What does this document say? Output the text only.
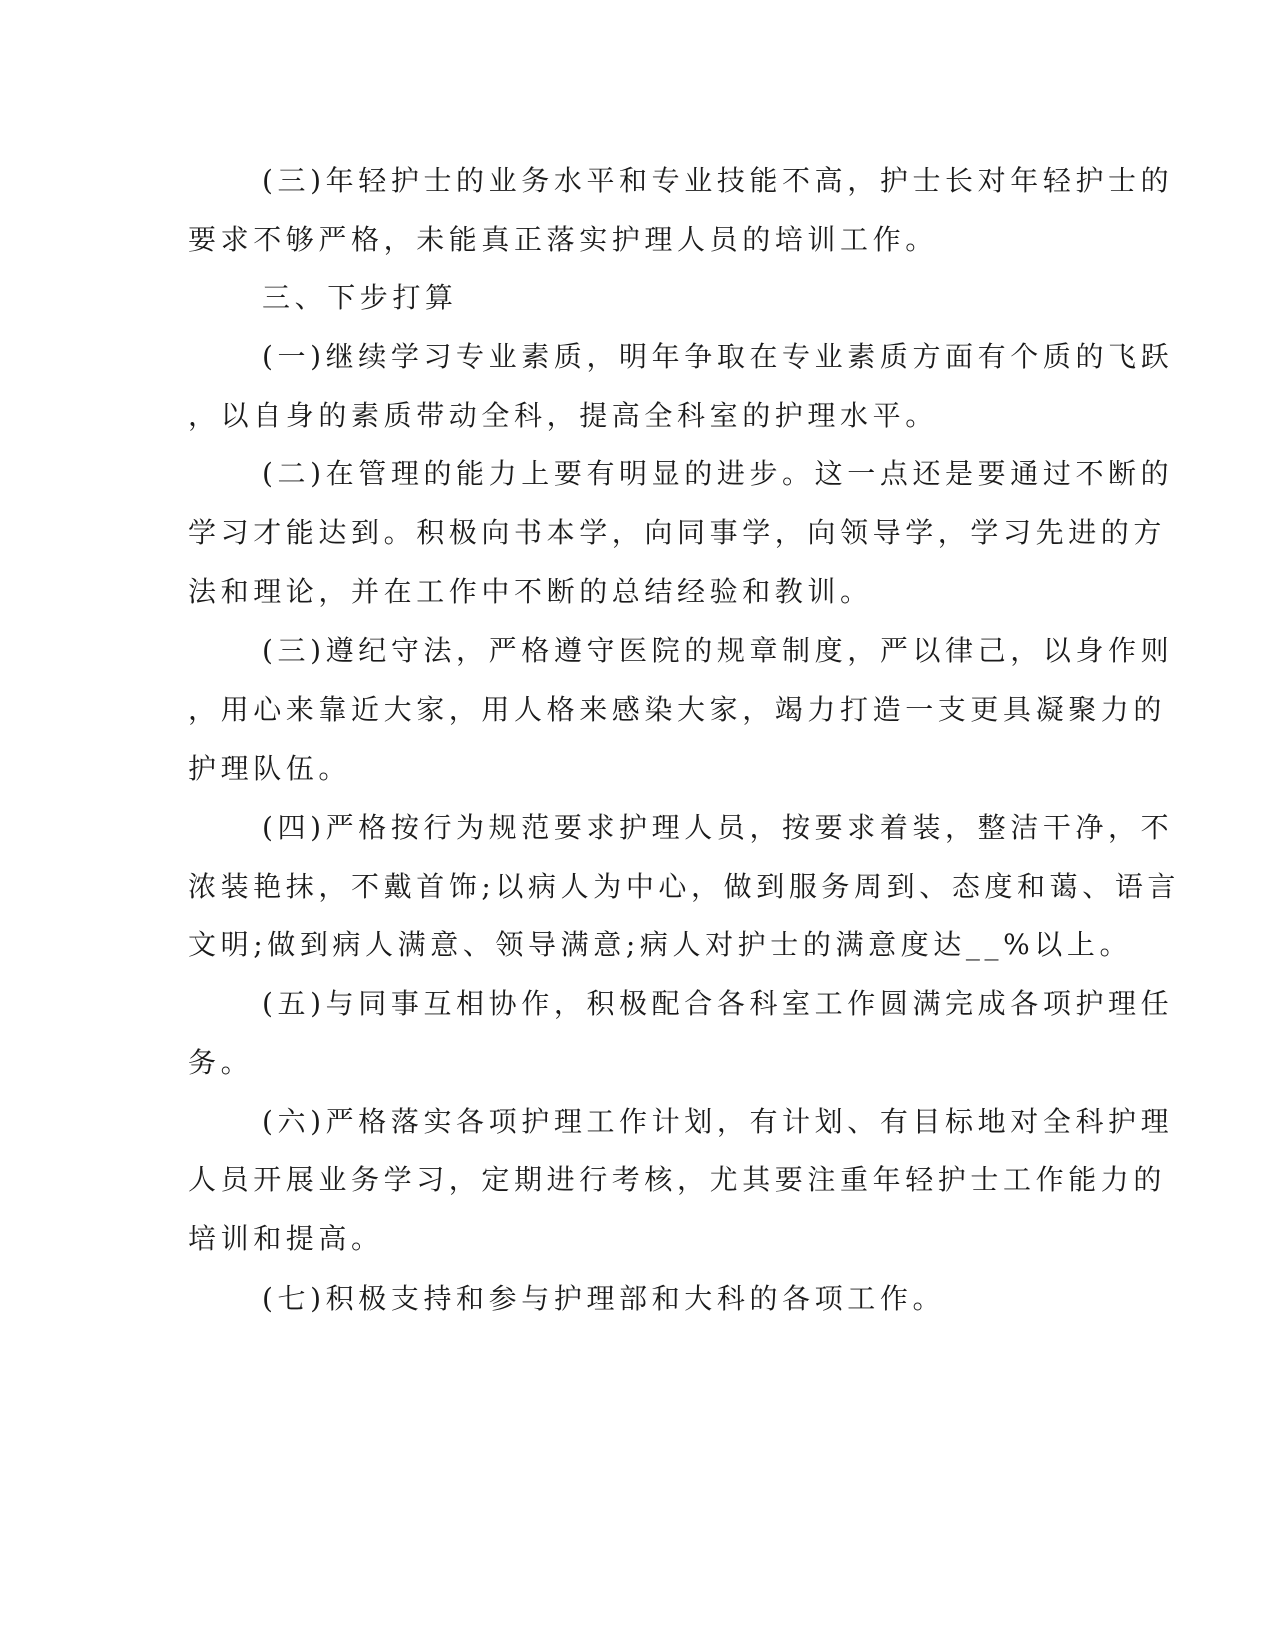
(三)年轻护士的业务水平和专业技能不高，护士长对年轻护士的
要求不够严格，未能真正落实护理人员的培训工作。
三、下步打算
(一)继续学习专业素质，明年争取在专业素质方面有个质的飞跃
，以自身的素质带动全科，提高全科室的护理水平。
(二)在管理的能力上要有明显的进步。这一点还是要通过不断的
学习才能达到。积极向书本学，向同事学，向领导学，学习先进的方
法和理论，并在工作中不断的总结经验和教训。
(三)遵纪守法，严格遵守医院的规章制度，严以律己，以身作则
，用心来靠近大家，用人格来感染大家，竭力打造一支更具凝聚力的
护理队伍。
(四)严格按行为规范要求护理人员，按要求着装，整洁干净，不
浓装艳抹，不戴首饰;以病人为中心，做到服务周到、态度和蔼、语言
文明;做到病人满意、领导满意;病人对护士的满意度达__%以上。
(五)与同事互相协作，积极配合各科室工作圆满完成各项护理任
务。
(六)严格落实各项护理工作计划，有计划、有目标地对全科护理
人员开展业务学习，定期进行考核，尤其要注重年轻护士工作能力的
培训和提高。
(七)积极支持和参与护理部和大科的各项工作。
